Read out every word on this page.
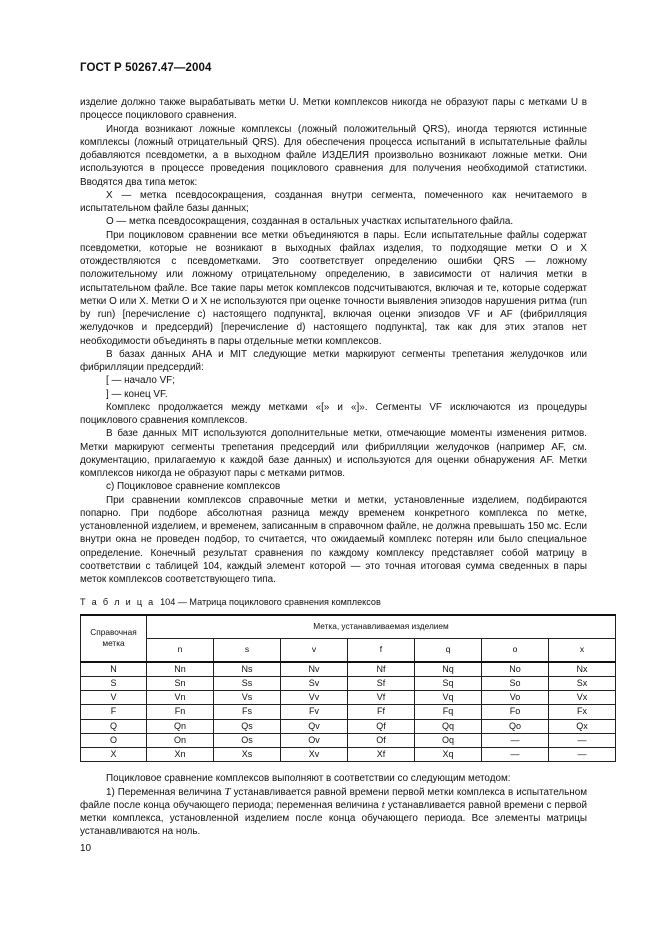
ГОСТ Р 50267.47—2004

изделие должно также вырабатывать метки U. Метки комплексов никогда не образуют пары с метками U в процессе поциклового сравнения.

Иногда возникают ложные комплексы (ложный положительный QRS), иногда теряются истинные комплексы (ложный отрицательный QRS). Для обеспечения процесса испытаний в испытательные файлы добавляются псевдометки, а в выходном файле ИЗДЕЛИЯ произвольно возникают ложные метки. Они используются в процессе проведения поциклового сравнения для получения необходимой статистики. Вводятся два типа меток:

X — метка псевдосокращения, созданная внутри сегмента, помеченного как нечитаемого в испытательном файле базы данных;

O — метка псевдосокращения, созданная в остальных участках испытательного файла.

При поцикловом сравнении все метки объединяются в пары. Если испытательные файлы содержат псевдометки, которые не возникают в выходных файлах изделия, то подходящие метки O и X отождествляются с псевдометками. Это соответствует определению ошибки QRS — ложному положительному или ложному отрицательному определению, в зависимости от наличия метки в испытательном файле. Все такие пары меток комплексов подсчитываются, включая и те, которые содержат метки O или X. Метки O и X не используются при оценке точности выявления эпизодов нарушения ритма (run by run) [перечисление c) настоящего подпункта], включая оценки эпизодов VF и AF (фибрилляция желудочков и предсердий) [перечисление d) настоящего подпункта], так как для этих этапов нет необходимости объединять в пары отдельные метки комплексов.

В базах данных AHA и MIT следующие метки маркируют сегменты трепетания желудочков или фибрилляции предсердий:

[ — начало VF;

] — конец VF.

Комплекс продолжается между метками «[» и «]». Сегменты VF исключаются из процедуры поциклового сравнения комплексов.

В базе данных MIT используются дополнительные метки, отмечающие моменты изменения ритмов. Метки маркируют сегменты трепетания предсердий или фибрилляции желудочков (например AF, см. документацию, прилагаемую к каждой базе данных) и используются для оценки обнаружения AF. Метки комплексов никогда не образуют пары с метками ритмов.

c) Поцикловое сравнение комплексов

При сравнении комплексов справочные метки и метки, установленные изделием, подбираются попарно. При подборе абсолютная разница между временем конкретного комплекса по метке, установленной изделием, и временем, записанным в справочном файле, не должна превышать 150 мс. Если внутри окна не проведен подбор, то считается, что ожидаемый комплекс потерян или было специальное определение. Конечный результат сравнения по каждому комплексу представляет собой матрицу в соответствии с таблицей 104, каждый элемент которой — это точная итоговая сумма сведенных в пары меток комплексов соответствующего типа.

Т а б л и ц а 104 — Матрица поциклового сравнения комплексов

Справочная метка	Метка, устанавливаемая изделием						
	n	s	v	f	q	o	x
N	Nn	Ns	Nv	Nf	Nq	No	Nx
S	Sn	Ss	Sv	Sf	Sq	So	Sx
V	Vn	Vs	Vv	Vf	Vq	Vo	Vx
F	Fn	Fs	Fv	Ff	Fq	Fo	Fx
Q	Qn	Qs	Qv	Qf	Qq	Qo	Qx
O	On	Os	Ov	Of	Oq	—	—
X	Xn	Xs	Xv	Xf	Xq	—	—

Поцикловое сравнение комплексов выполняют в соответствии со следующим методом:

1) Переменная величина T устанавливается равной времени первой метки комплекса в испытательном файле после конца обучающего периода; переменная величина t устанавливается равной времени с первой метки комплекса, установленной изделием после конца обучающего периода. Все элементы матрицы устанавливаются на ноль.

10
